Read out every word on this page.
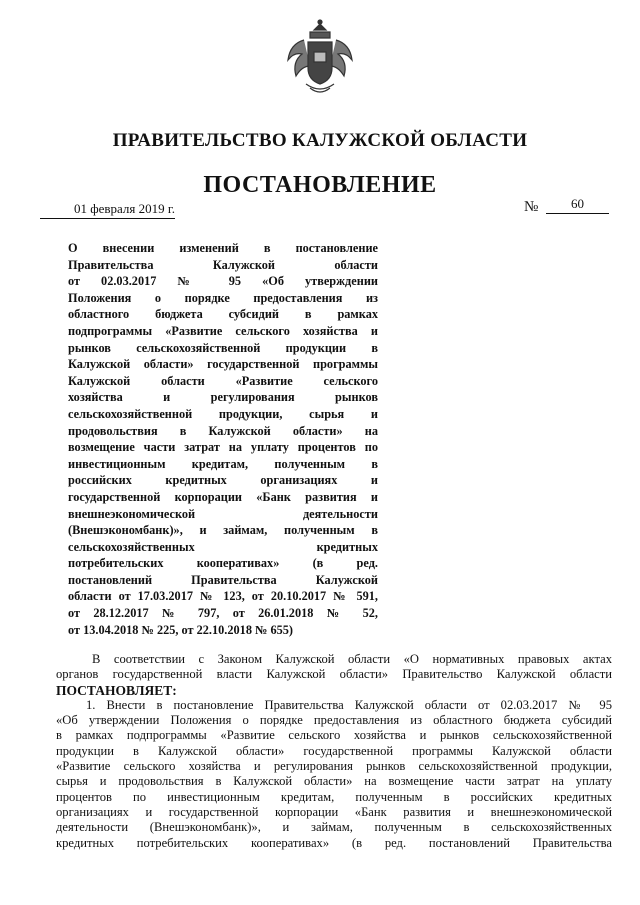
ПРАВИТЕЛЬСТВО КАЛУЖСКОЙ ОБЛАСТИ
ПОСТАНОВЛЕНИЕ
01 февраля 2019 г.	№	60
О внесении изменений в постановление
Правительства Калужской области
от 02.03.2017 № 95 «Об утверждении
Положения о порядке предоставления из
областного бюджета субсидий в рамках
подпрограммы «Развитие сельского хозяйства и
рынков сельскохозяйственной продукции в
Калужской области» государственной программы
Калужской области «Развитие сельского
хозяйства и регулирования рынков
сельскохозяйственной продукции, сырья и
продовольствия в Калужской области» на
возмещение части затрат на уплату процентов по
инвестиционным кредитам, полученным в
российских кредитных организациях и
государственной корпорации «Банк развития и
внешнеэкономической деятельности
(Внешэкономбанк)», и займам, полученным в
сельскохозяйственных кредитных
потребительских кооперативах» (в ред.
постановлений Правительства Калужской
области от 17.03.2017 № 123, от 20.10.2017 № 591,
от 28.12.2017 № 797, от 26.01.2018 № 52,
от 13.04.2018 № 225, от 22.10.2018 № 655)
В соответствии с Законом Калужской области «О нормативных правовых актах
органов государственной власти Калужской области» Правительство Калужской области
ПОСТАНОВЛЯЕТ:
1. Внести в постановление Правительства Калужской области от 02.03.2017 № 95
«Об утверждении Положения о порядке предоставления из областного бюджета субсидий
в рамках подпрограммы «Развитие сельского хозяйства и рынков сельскохозяйственной
продукции в Калужской области» государственной программы Калужской области
«Развитие сельского хозяйства и регулирования рынков сельскохозяйственной продукции,
сырья и продовольствия в Калужской области» на возмещение части затрат на уплату
процентов по инвестиционным кредитам, полученным в российских кредитных
организациях и государственной корпорации «Банк развития и внешнеэкономической
деятельности (Внешэкономбанк)», и займам, полученным в сельскохозяйственных
кредитных потребительских кооперативах» (в ред. постановлений Правительства
